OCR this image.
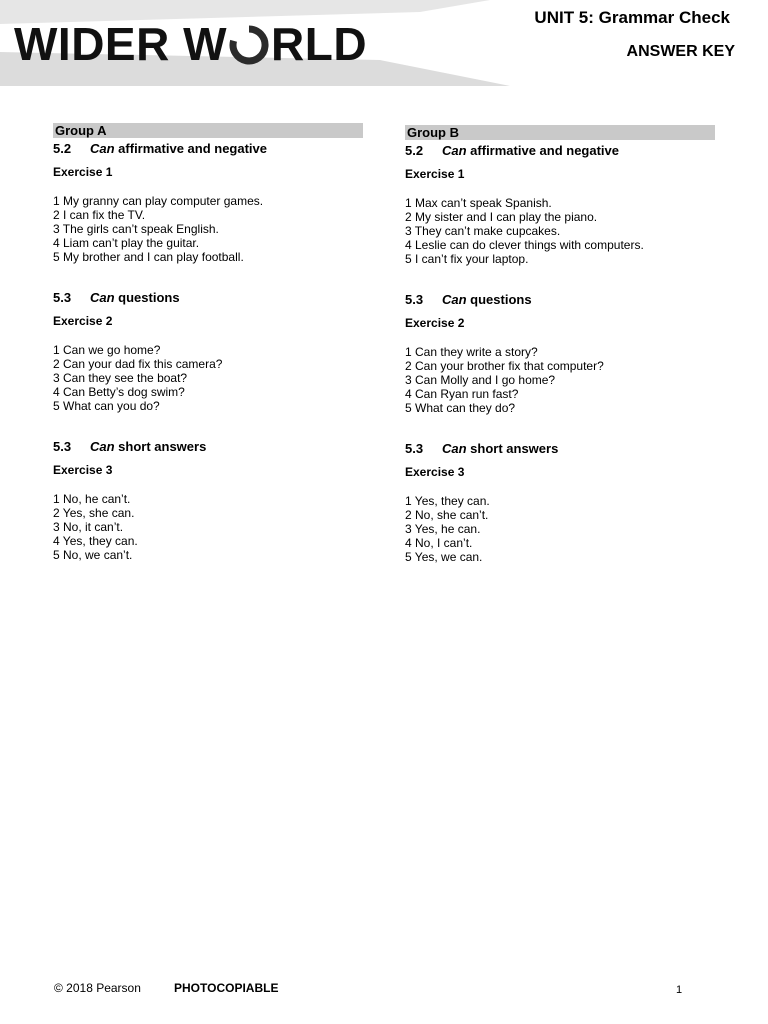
WIDER W RLD
UNIT 5: Grammar Check
ANSWER KEY
Group A
5.2 Can affirmative and negative
Exercise 1
1 My granny can play computer games.
2 I can fix the TV.
3 The girls can’t speak English.
4 Liam can’t play the guitar.
5 My brother and I can play football.
5.3 Can questions
Exercise 2
1 Can we go home?
2 Can your dad fix this camera?
3 Can they see the boat?
4 Can Betty’s dog swim?
5 What can you do?
5.3 Can short answers
Exercise 3
1 No, he can’t.
2 Yes, she can.
3 No, it can’t.
4 Yes, they can.
5 No, we can’t.
Group B
5.2 Can affirmative and negative
Exercise 1
1 Max can’t speak Spanish.
2 My sister and I can play the piano.
3 They can’t make cupcakes.
4 Leslie can do clever things with computers.
5 I can’t fix your laptop.
5.3 Can questions
Exercise 2
1 Can they write a story?
2 Can your brother fix that computer?
3 Can Molly and I go home?
4 Can Ryan run fast?
5 What can they do?
5.3 Can short answers
Exercise 3
1 Yes, they can.
2 No, she can’t.
3 Yes, he can.
4 No, I can’t.
5 Yes, we can.
© 2018 Pearson	PHOTOCOPIABLE	1
